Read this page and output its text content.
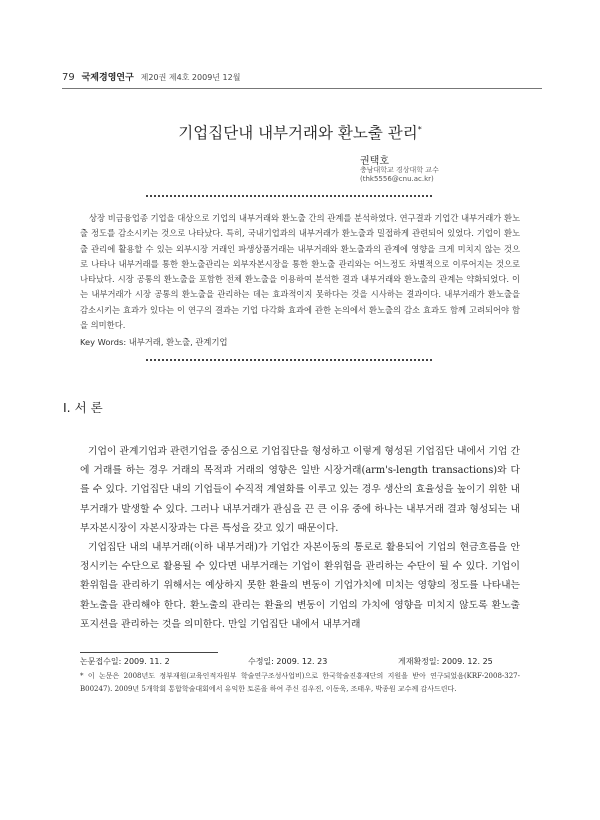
79 국제경영연구 제20권 제4호 2009년 12월
기업집단내 내부거래와 환노출 관리*
권택호
충남대학교 경상대학 교수
(thk5556@cnu.ac.kr)

상장 비금융업종 기업을 대상으로 기업의 내부거래와 환노출 간의 관계를 분석하였다. 연구결과 기업간 내부거래가 환노출 정도를 감소시키는 것으로 나타났다. 특히, 국내기업과의 내부거래가 환노출과 밀접하게 관련되어 있었다. 기업이 환노출 관리에 활용할 수 있는 외부시장 거래인 파생상품거래는 내부거래와 환노출과의 관계에 영향을 크게 미치지 않는 것으로 나타나 내부거래를 통한 환노출관리는 외부자본시장을 통한 환노출 관리와는 어느정도 차별적으로 이루어지는 것으로 나타났다. 시장 공통의 환노출을 포함한 전체 환노출을 이용하여 분석한 결과 내부거래와 환노출의 관계는 약화되었다. 이는 내부거래가 시장 공통의 환노출을 관리하는 데는 효과적이지 못하다는 것을 시사하는 결과이다. 내부거래가 환노출을 감소시키는 효과가 있다는 이 연구의 결과는 기업 다각화 효과에 관한 논의에서 환노출의 감소 효과도 함께 고려되어야 함을 의미한다.

Key Words: 내부거래, 환노출, 관계기업
Ⅰ. 서 론

기업이 관계기업과 관련기업을 중심으로 기업집단을 형성하고 이렇게 형성된 기업집단 내에서 기업 간에 거래를 하는 경우 거래의 목적과 거래의 영향은 일반 시장거래(arm's-length transactions)와 다를 수 있다. 기업집단 내의 기업들이 수직적 계열화를 이루고 있는 경우 생산의 효율성을 높이기 위한 내부거래가 발생할 수 있다. 그러나 내부거래가 관심을 끈 큰 이유 중에 하나는 내부거래 결과 형성되는 내부자본시장이 자본시장과는 다른 특성을 갖고 있기 때문이다.

기업집단 내의 내부거래(이하 내부거래)가 기업간 자본이동의 통로로 활용되어 기업의 현금흐름을 안정시키는 수단으로 활용될 수 있다면 내부거래는 기업이 환위험을 관리하는 수단이 될 수 있다. 기업이 환위험을 관리하기 위해서는 예상하지 못한 환율의 변동이 기업가치에 미치는 영향의 정도를 나타내는 환노출을 관리해야 한다. 환노출의 관리는 환율의 변동이 기업의 가치에 영향을 미치지 않도록 환노출 포지션을 관리하는 것을 의미한다. 만일 기업집단 내에서 내부거래

논문접수일: 2009. 11. 2	수정일: 2009. 12. 23	게재확정일: 2009. 12. 25

* 이 논문은 2008년도 정부재원(교육인적자원부 학술연구조성사업비)으로 한국학술진흥재단의 지원을 받아 연구되었음(KRF-2008-327-B00247). 2009년 5개학회 통합학술대회에서 유익한 토론을 하여 주신 김우진, 이동욱, 조태우, 박종원 교수께 감사드린다.
